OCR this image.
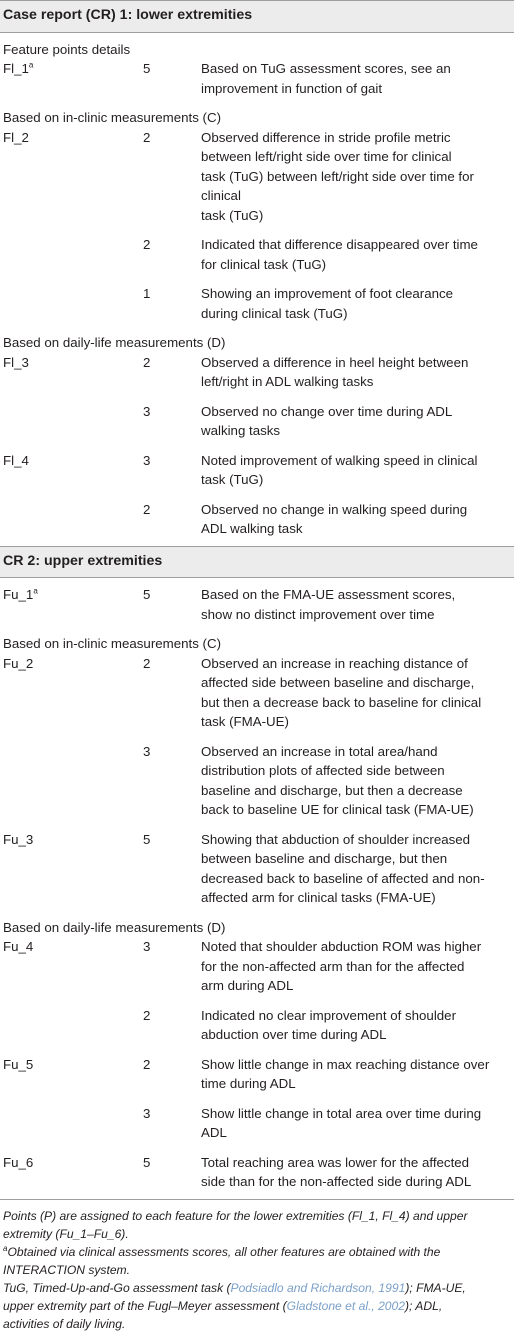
Case report (CR) 1: lower extremities
Feature points details
Fl_1$^a$	5	Based on TuG assessment scores, see an
improvement in function of gait
Based on in-clinic measurements (C)
Fl_2	2	Observed difference in stride profile metric
between left/right side over time for clinical
task (TuG) between left/right side over time for clinical
task (TuG)
2	Indicated that difference disappeared over time
for clinical task (TuG)
1	Showing an improvement of foot clearance
during clinical task (TuG)
Based on daily-life measurements (D)
Fl_3	2	Observed a difference in heel height between
left/right in ADL walking tasks
3	Observed no change over time during ADL
walking tasks
Fl_4	3	Noted improvement of walking speed in clinical
task (TuG)
2	Observed no change in walking speed during
ADL walking task
CR 2: upper extremities
Fu_1$^a$	5	Based on the FMA-UE assessment scores,
show no distinct improvement over time
Based on in-clinic measurements (C)
Fu_2	2	Observed an increase in reaching distance of
affected side between baseline and discharge,
but then a decrease back to baseline for clinical
task (FMA-UE)
3	Observed an increase in total area/hand
distribution plots of affected side between
baseline and discharge, but then a decrease
back to baseline UE for clinical task (FMA-UE)
Fu_3	5	Showing that abduction of shoulder increased
between baseline and discharge, but then
decreased back to baseline of affected and non-
affected arm for clinical tasks (FMA-UE)
Based on daily-life measurements (D)
Fu_4	3	Noted that shoulder abduction ROM was higher
for the non-affected arm than for the affected
arm during ADL
2	Indicated no clear improvement of shoulder
abduction over time during ADL
Fu_5	2	Show little change in max reaching distance over
time during ADL
3	Show little change in total area over time during
ADL
Fu_6	5	Total reaching area was lower for the affected
side than for the non-affected side during ADL
Points (P) are assigned to each feature for the lower extremities (Fl_1, Fl_4) and upper
extremity (Fu_1–Fu_6).
$^a$Obtained via clinical assessments scores, all other features are obtained with the
INTERACTION system.
TuG, Timed-Up-and-Go assessment task (Podsiadlo and Richardson, 1991); FMA-UE,
upper extremity part of the Fugl–Meyer assessment (Gladstone et al., 2002); ADL,
activities of daily living.
